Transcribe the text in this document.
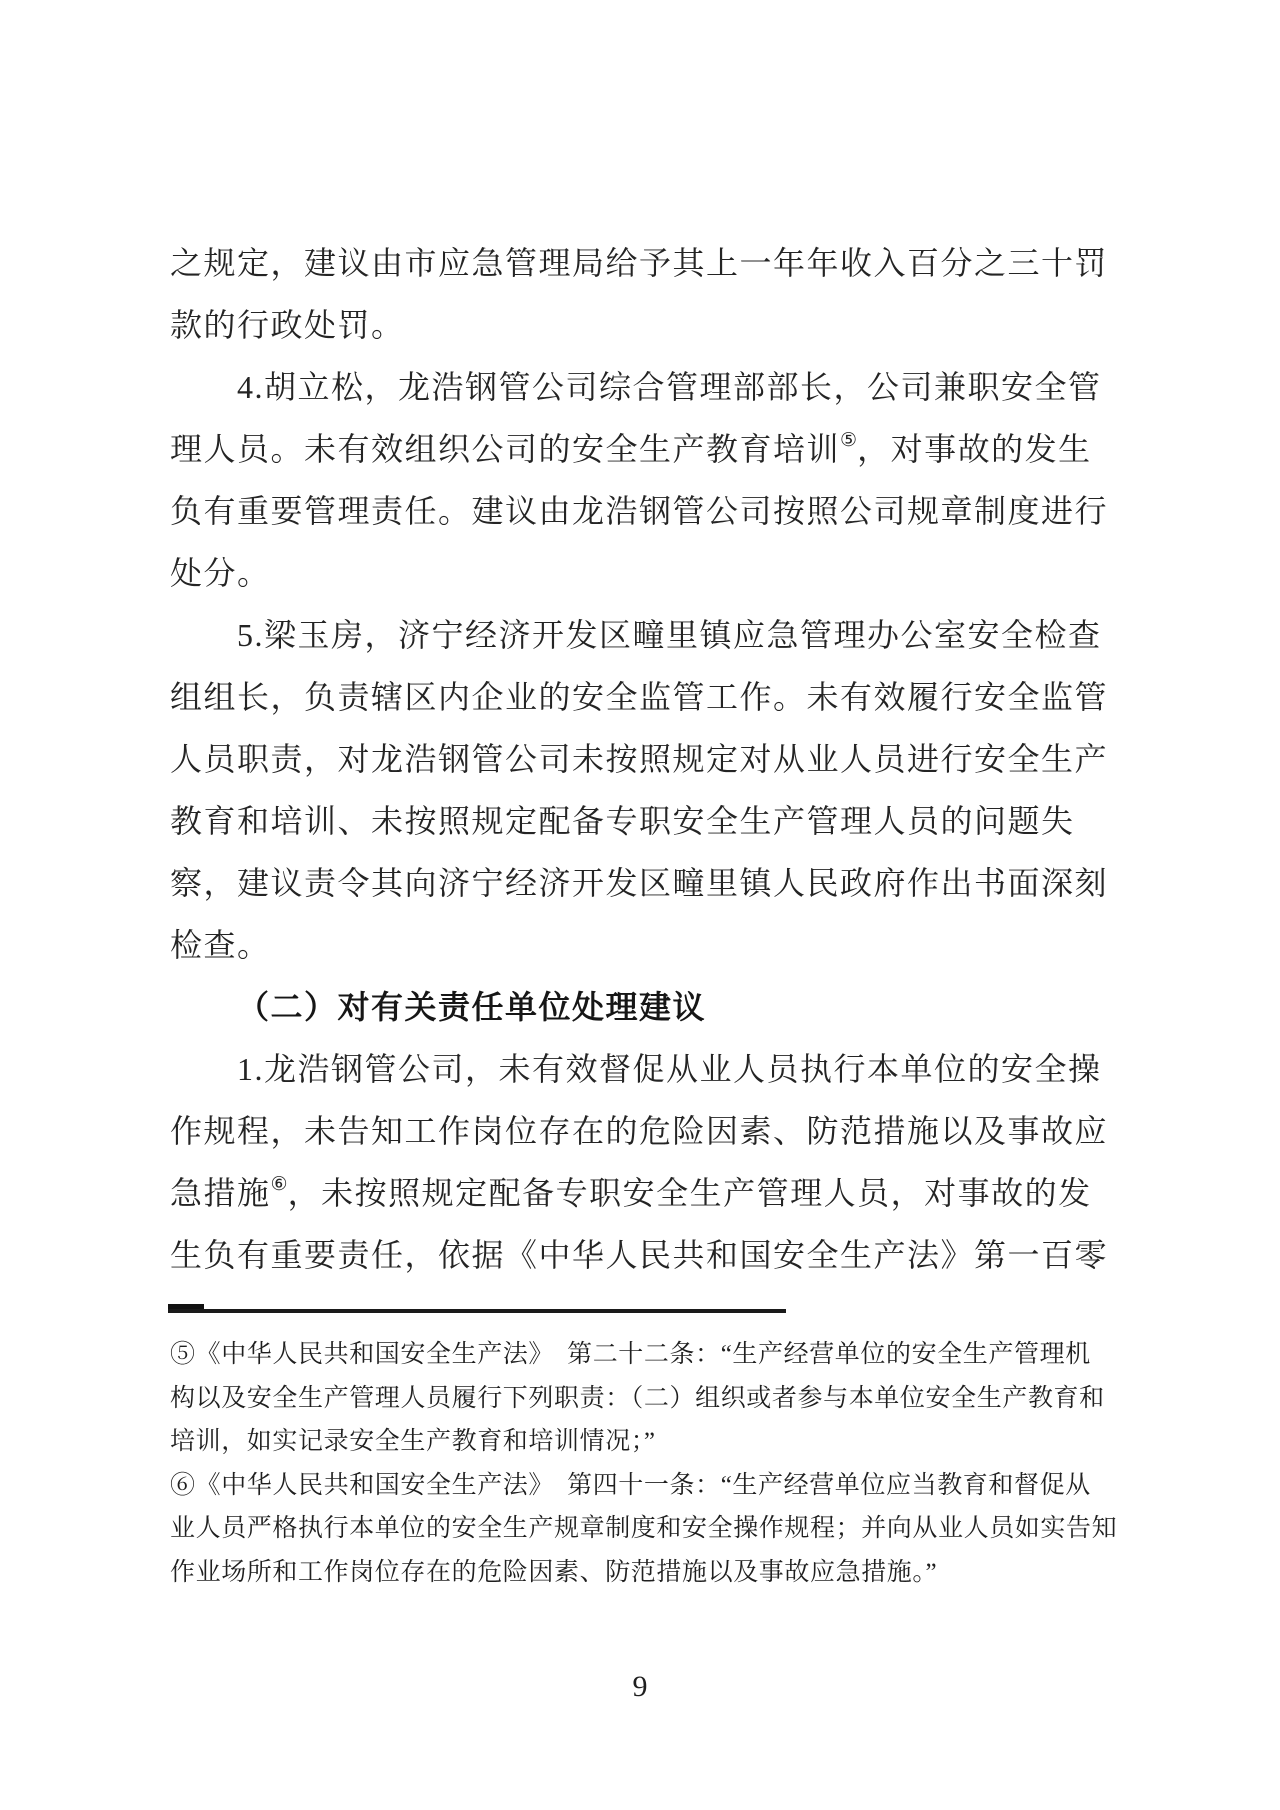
之规定，建议由市应急管理局给予其上一年年收入百分之三十罚
款的行政处罚。
4.胡立松，龙浩钢管公司综合管理部部长，公司兼职安全管
理人员。未有效组织公司的安全生产教育培训⑤，对事故的发生
负有重要管理责任。建议由龙浩钢管公司按照公司规章制度进行
处分。
5.梁玉房，济宁经济开发区疃里镇应急管理办公室安全检查
组组长，负责辖区内企业的安全监管工作。未有效履行安全监管
人员职责，对龙浩钢管公司未按照规定对从业人员进行安全生产
教育和培训、未按照规定配备专职安全生产管理人员的问题失
察，建议责令其向济宁经济开发区疃里镇人民政府作出书面深刻
检查。
（二）对有关责任单位处理建议
1.龙浩钢管公司，未有效督促从业人员执行本单位的安全操
作规程，未告知工作岗位存在的危险因素、防范措施以及事故应
急措施⑥，未按照规定配备专职安全生产管理人员，对事故的发
生负有重要责任，依据《中华人民共和国安全生产法》第一百零
⑤《中华人民共和国安全生产法》　第二十二条：“生产经营单位的安全生产管理机
构以及安全生产管理人员履行下列职责：（二）组织或者参与本单位安全生产教育和
培训，如实记录安全生产教育和培训情况；”
⑥《中华人民共和国安全生产法》　第四十一条：“生产经营单位应当教育和督促从
业人员严格执行本单位的安全生产规章制度和安全操作规程；并向从业人员如实告知
作业场所和工作岗位存在的危险因素、防范措施以及事故应急措施。”
9
